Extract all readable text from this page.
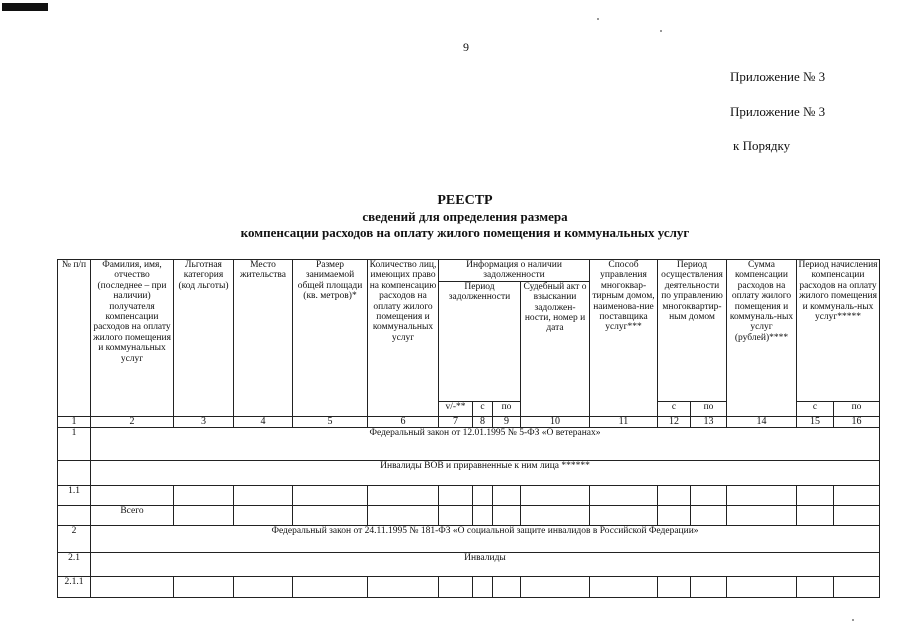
9
Приложение № 3
Приложение № 3
к Порядку
РЕЕСТР
сведений для определения размера
компенсации расходов на оплату жилого помещения и коммунальных услуг
№ п/п	Фамилия, имя, отчество (последнее – при наличии) получателя компенсации расходов на оплату жилого помещения и коммунальных услуг	Льготная категория (код льготы)	Место жительства	Размер занимаемой общей площади (кв. метров)*	Количество лиц, имеющих право на компенсацию расходов на оплату жилого помещения и коммунальных услуг	Информация о наличии задолженности				Способ управления многоквар-тирным домом, наименова-ние поставщика услуг***	Период осуществления деятельности по управлению многоквартир-ным домом		Сумма компенсации расходов на оплату жилого помещения и коммуналь-ных услуг (рублей)****	Период начисления компенсации расходов на оплату жилого помещения и коммуналь-ных услуг*****	
						Период задолженности			Судебный акт о взыскании задолжен-ности, номер и дата						
						v/-**	с	по			с	по		с	по
1	2	3	4	5	6	7	8	9	10	11	12	13	14	15	16
1	Федеральный закон от 12.01.1995 № 5-ФЗ «О ветеранах»														
	Инвалиды ВОВ и приравненные к ним лица ******														
1.1															
	Всего														
2	Федеральный закон от 24.11.1995 № 181-ФЗ «О социальной защите инвалидов в Российской Федерации»														
2.1	Инвалиды														
2.1.1															
